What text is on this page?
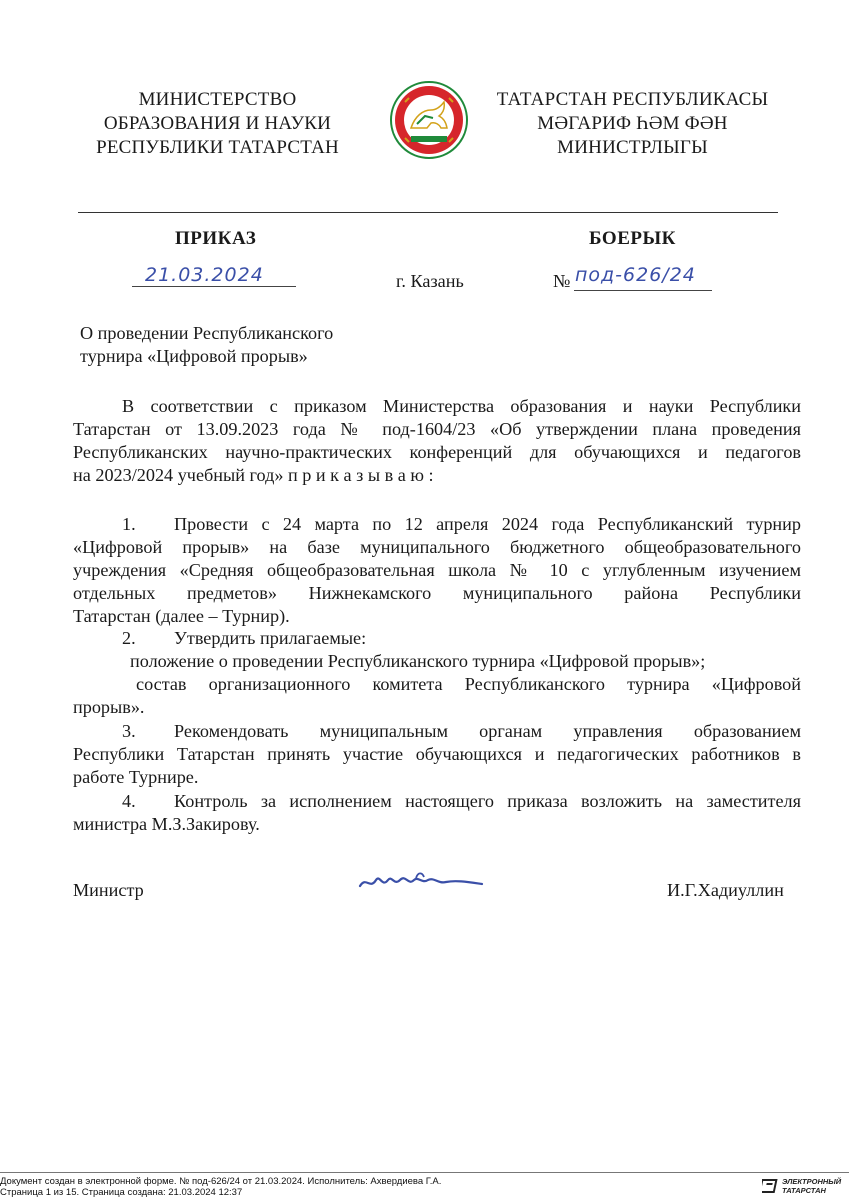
МИНИСТЕРСТВО
ОБРАЗОВАНИЯ И НАУКИ
РЕСПУБЛИКИ ТАТАРСТАН
ТАТАРСТАН РЕСПУБЛИКАСЫ
МӘГАРИФ ҺӘМ ФӘН
МИНИСТРЛЫГЫ
ПРИКАЗ	БОЕРЫК
21.03.2024	г. Казань	№ под-626/24
О проведении Республиканского
турнира «Цифровой прорыв»
В соответствии с приказом Министерства образования и науки Республики
Татарстан от 13.09.2023 года № под-1604/23 «Об утверждении плана проведения
Республиканских научно-практических конференций для обучающихся и педагогов
на 2023/2024 учебный год» п р и к а з ы в а ю :
1. Провести с 24 марта по 12 апреля 2024 года Республиканский турнир
«Цифровой прорыв» на базе муниципального бюджетного общеобразовательного
учреждения «Средняя общеобразовательная школа № 10 с углубленным изучением
отдельных предметов» Нижнекамского муниципального района Республики
Татарстан (далее – Турнир).
2. Утвердить прилагаемые:
положение о проведении Республиканского турнира «Цифровой прорыв»;
состав организационного комитета Республиканского турнира «Цифровой
прорыв».
3. Рекомендовать муниципальным органам управления образованием
Республики Татарстан принять участие обучающихся и педагогических работников в
работе Турнире.
4. Контроль за исполнением настоящего приказа возложить на заместителя
министра М.З.Закирову.
Министр	И.Г.Хадиуллин
Документ создан в электронной форме. № под-626/24 от 21.03.2024. Исполнитель: Ахвердиева Г.А.
Страница 1 из 15. Страница создана: 21.03.2024 12:37
ЭЛЕКТРОННЫЙ
ТАТАРСТАН
